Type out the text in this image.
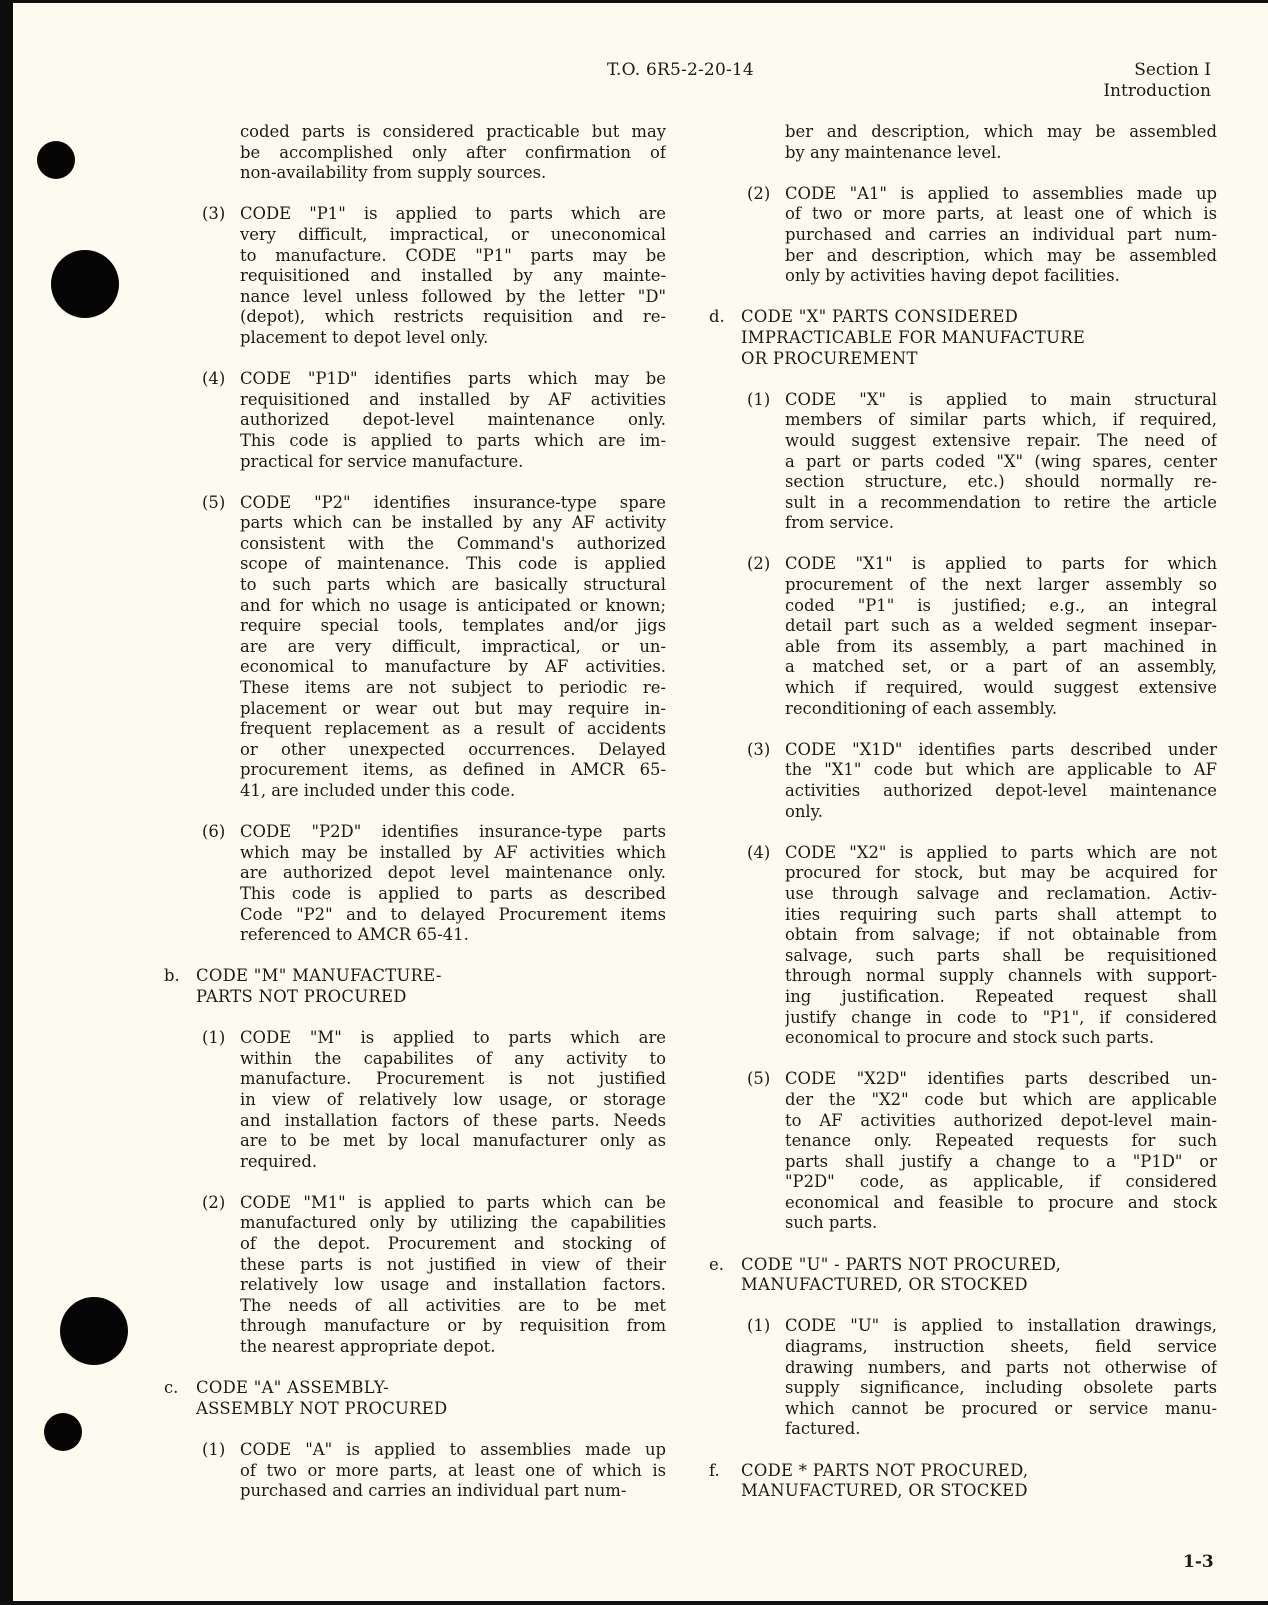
T.O. 6R5-2-20-14	Section I
Introduction
coded parts is considered practicable but may
be accomplished only after confirmation of
non-availability from supply sources.
(3) CODE "P1" is applied to parts which are
very difficult, impractical, or uneconomical
to manufacture. CODE "P1" parts may be
requisitioned and installed by any mainte-
nance level unless followed by the letter "D"
(depot), which restricts requisition and re-
placement to depot level only.
(4) CODE "P1D" identifies parts which may be
requisitioned and installed by AF activities
authorized depot-level maintenance only.
This code is applied to parts which are im-
practical for service manufacture.
(5) CODE "P2" identifies insurance-type spare
parts which can be installed by any AF activity
consistent with the Command's authorized
scope of maintenance. This code is applied
to such parts which are basically structural
and for which no usage is anticipated or known;
require special tools, templates and/or jigs
are are very difficult, impractical, or un-
economical to manufacture by AF activities.
These items are not subject to periodic re-
placement or wear out but may require in-
frequent replacement as a result of accidents
or other unexpected occurrences. Delayed
procurement items, as defined in AMCR 65-
41, are included under this code.
(6) CODE "P2D" identifies insurance-type parts
which may be installed by AF activities which
are authorized depot level maintenance only.
This code is applied to parts as described
Code "P2" and to delayed Procurement items
referenced to AMCR 65-41.
b. CODE "M" MANUFACTURE-
PARTS NOT PROCURED
(1) CODE "M" is applied to parts which are
within the capabilites of any activity to
manufacture. Procurement is not justified
in view of relatively low usage, or storage
and installation factors of these parts. Needs
are to be met by local manufacturer only as
required.
(2) CODE "M1" is applied to parts which can be
manufactured only by utilizing the capabilities
of the depot. Procurement and stocking of
these parts is not justified in view of their
relatively low usage and installation factors.
The needs of all activities are to be met
through manufacture or by requisition from
the nearest appropriate depot.
c. CODE "A" ASSEMBLY-
ASSEMBLY NOT PROCURED
(1) CODE "A" is applied to assemblies made up
of two or more parts, at least one of which is
purchased and carries an individual part num-
ber and description, which may be assembled
by any maintenance level.
(2) CODE "A1" is applied to assemblies made up
of two or more parts, at least one of which is
purchased and carries an individual part num-
ber and description, which may be assembled
only by activities having depot facilities.
d. CODE "X" PARTS CONSIDERED
IMPRACTICABLE FOR MANUFACTURE
OR PROCUREMENT
(1) CODE "X" is applied to main structural
members of similar parts which, if required,
would suggest extensive repair. The need of
a part or parts coded "X" (wing spares, center
section structure, etc.) should normally re-
sult in a recommendation to retire the article
from service.
(2) CODE "X1" is applied to parts for which
procurement of the next larger assembly so
coded "P1" is justified; e.g., an integral
detail part such as a welded segment insepar-
able from its assembly, a part machined in
a matched set, or a part of an assembly,
which if required, would suggest extensive
reconditioning of each assembly.
(3) CODE "X1D" identifies parts described under
the "X1" code but which are applicable to AF
activities authorized depot-level maintenance
only.
(4) CODE "X2" is applied to parts which are not
procured for stock, but may be acquired for
use through salvage and reclamation. Activ-
ities requiring such parts shall attempt to
obtain from salvage; if not obtainable from
salvage, such parts shall be requisitioned
through normal supply channels with support-
ing justification. Repeated request shall
justify change in code to "P1", if considered
economical to procure and stock such parts.
(5) CODE "X2D" identifies parts described un-
der the "X2" code but which are applicable
to AF activities authorized depot-level main-
tenance only. Repeated requests for such
parts shall justify a change to a "P1D" or
"P2D" code, as applicable, if considered
economical and feasible to procure and stock
such parts.
e. CODE "U" - PARTS NOT PROCURED,
MANUFACTURED, OR STOCKED
(1) CODE "U" is applied to installation drawings,
diagrams, instruction sheets, field service
drawing numbers, and parts not otherwise of
supply significance, including obsolete parts
which cannot be procured or service manu-
factured.
f. CODE * PARTS NOT PROCURED,
MANUFACTURED, OR STOCKED
1-3
